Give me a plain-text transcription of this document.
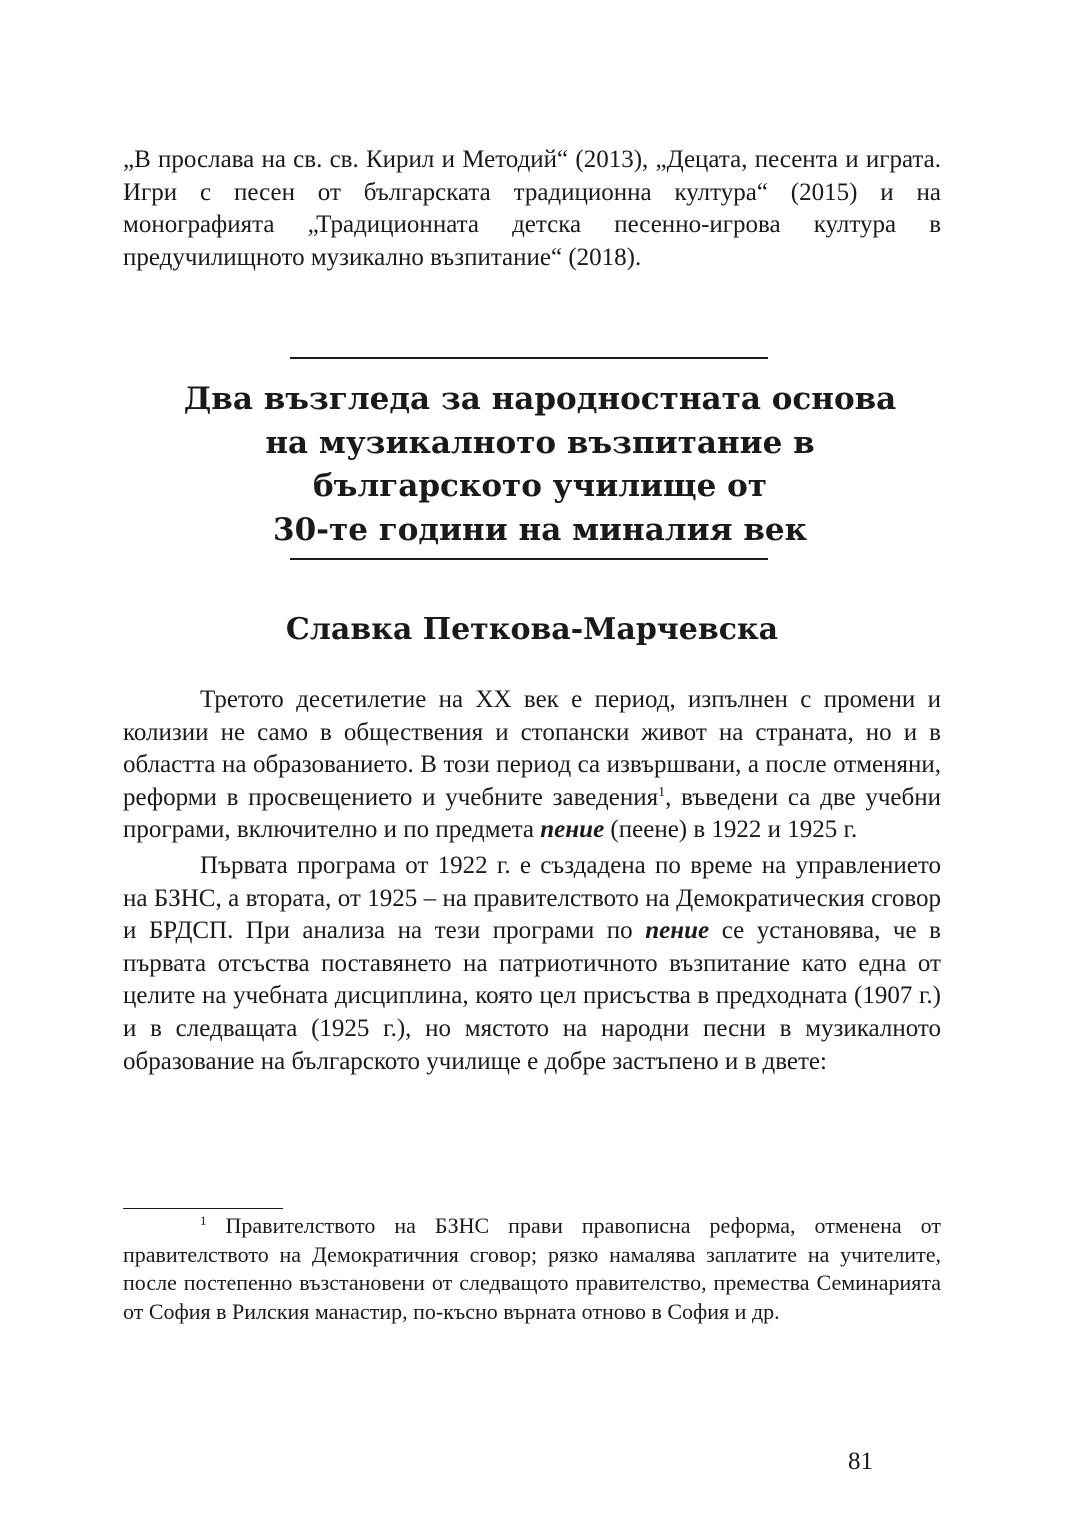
„В прослава на св. св. Кирил и Методий“ (2013), „Децата, песента и играта. Игри с песен от българската традиционна култура“ (2015) и на монографията „Традиционната детска песенно-игрова култура в предучилищното музикално възпитание“ (2018).

Два възгледа за народностната основа
на музикалното възпитание в
българското училище от
30-те години на миналия век
Славка Петкова-Марчевска

Третото десетилетие на XX век е период, изпълнен с промени и колизии не само в обществения и стопански живот на страната, но и в областта на образованието. В този период са извършвани, а после отменяни, реформи в просвещението и учебните заведения$^1$, въведени са две учебни програми, включително и по предмета пение (пеене) в 1922 и 1925 г.

Първата програма от 1922 г. е създадена по време на управлението на БЗНС, а втората, от 1925 – на правителството на Демократическия сговор и БРДСП. При анализа на тези програми по пение се установява, че в първата отсъства поставянето на патриотичното възпитание като една от целите на учебната дисциплина, която цел присъства в предходната (1907 г.) и в следващата (1925 г.), но мястото на народни песни в музикалното образование на българското училище е добре застъпено и в двете:

$^1$ Правителството на БЗНС прави правописна реформа, отменена от правителството на Демократичния сговор; рязко намалява заплатите на учителите, после постепенно възстановени от следващото правителство, премества Семинарията от София в Рилския манастир, по-късно върната отново в София и др.

81
